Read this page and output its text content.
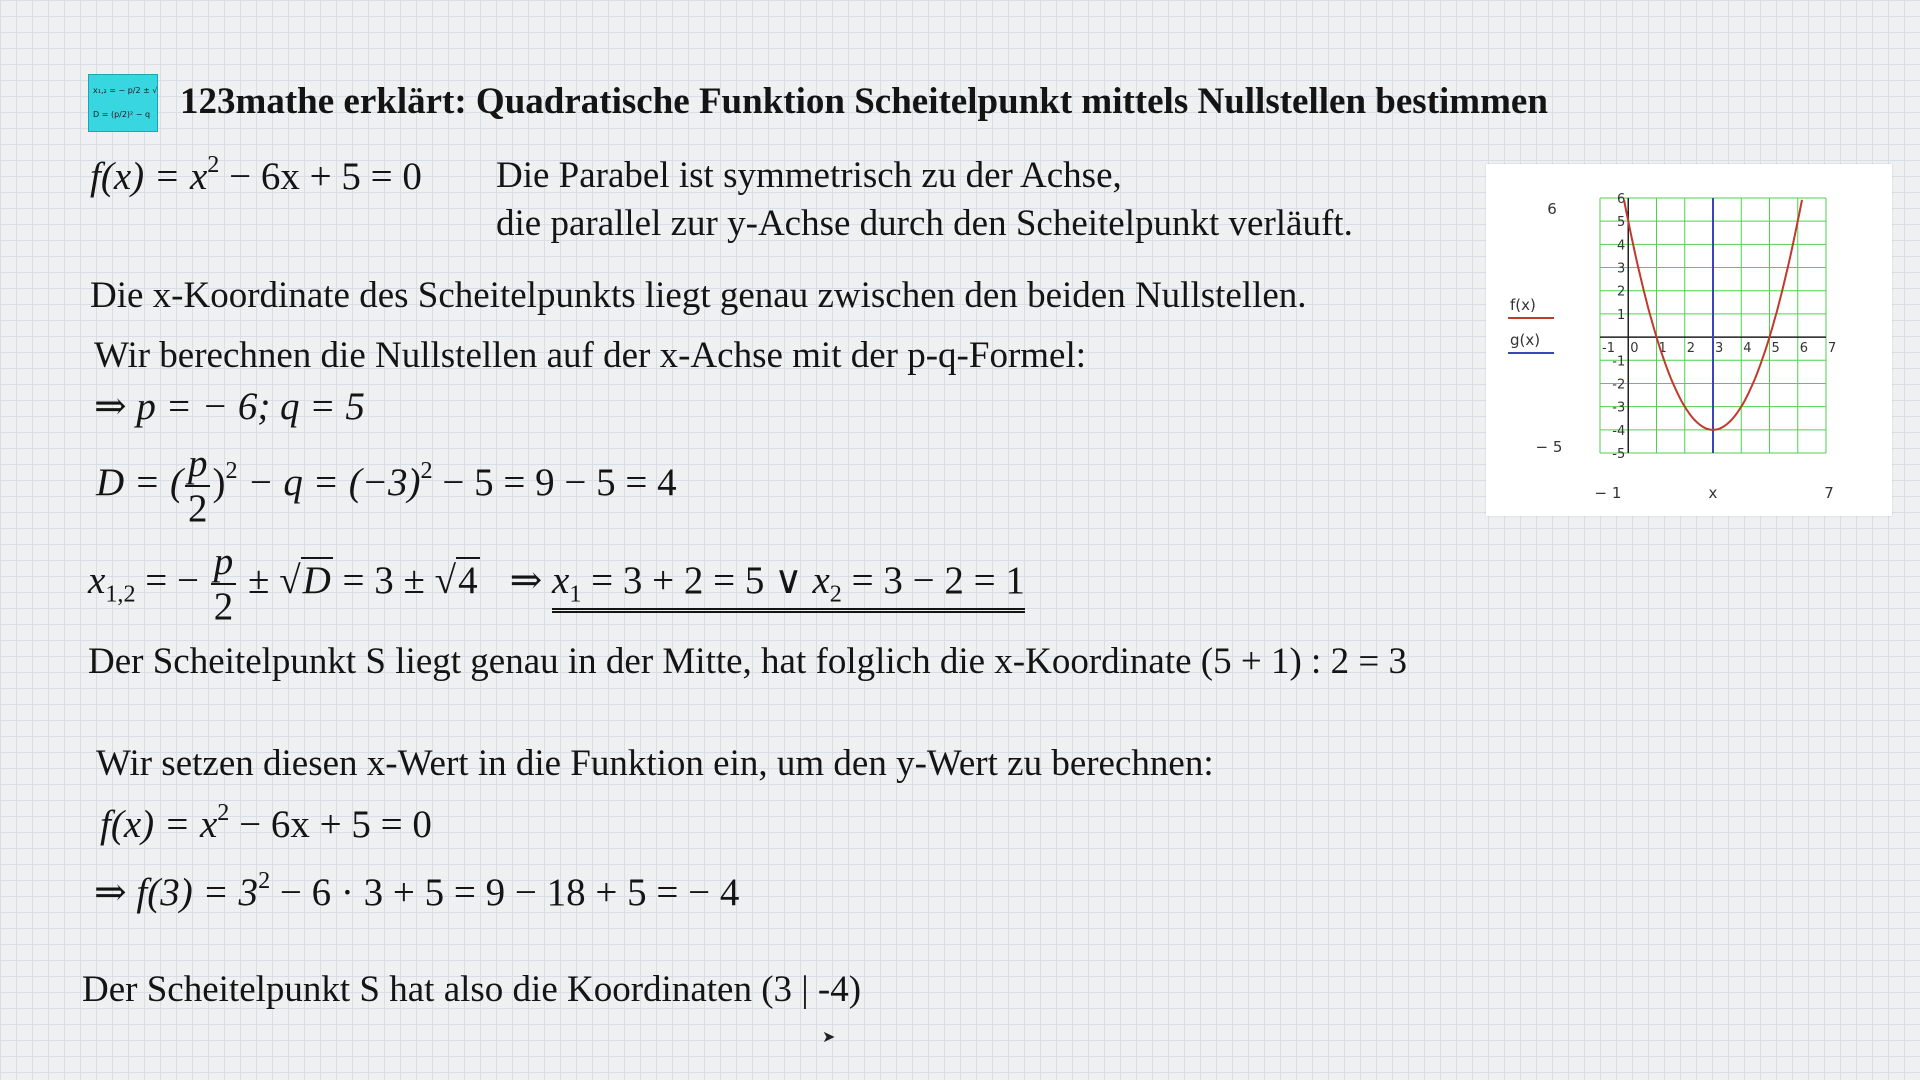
x₁,₂ = − p/2 ± √D
D = (p/2)² − q 123mathe erklärt: Quadratische Funktion Scheitelpunkt mittels Nullstellen bestimmen
$f(x) = x^2 - 6x + 5 = 0$ Die Parabel ist symmetrisch zu der Achse,
die parallel zur y-Achse durch den Scheitelpunkt verläuft.
Die x-Koordinate des Scheitelpunkts liegt genau zwischen den beiden Nullstellen.
Wir berechnen die Nullstellen auf der x-Achse mit der p-q-Formel:
⇒ p = − 6; q = 5
D = ( $\frac{p}{2} )^2 - q = (-3)^2 - 5 = 9 - 5 = 4$
$x_{1,2}$ = − $\frac{p}{2} \pm √D = 3 \pm √4$ ⇒ $x_1 = 3 + 2 = 5$ ∨ $x_2 = 3 - 2 = 1$
Der Scheitelpunkt S liegt genau in der Mitte, hat folglich die x-Koordinate (5 + 1) : 2 = 3
Wir setzen diesen x-Wert in die Funktion ein, um den y-Wert zu berechnen:
$f(x) = x^2 - 6x + 5 = 0$
⇒ $f(3) = 3^2 - 6 \cdot 3 + 5 = 9 - 18 + 5$ = − 4
Der Scheitelpunkt S hat also die Koordinaten (3 | -4)
-1 0 1 2 3 4 5 6 7
-5
-4
-3
-2
-1
1
2
3
4
5
6
6
− 5
− 1	7
x
f(x)
g(x)
➤
